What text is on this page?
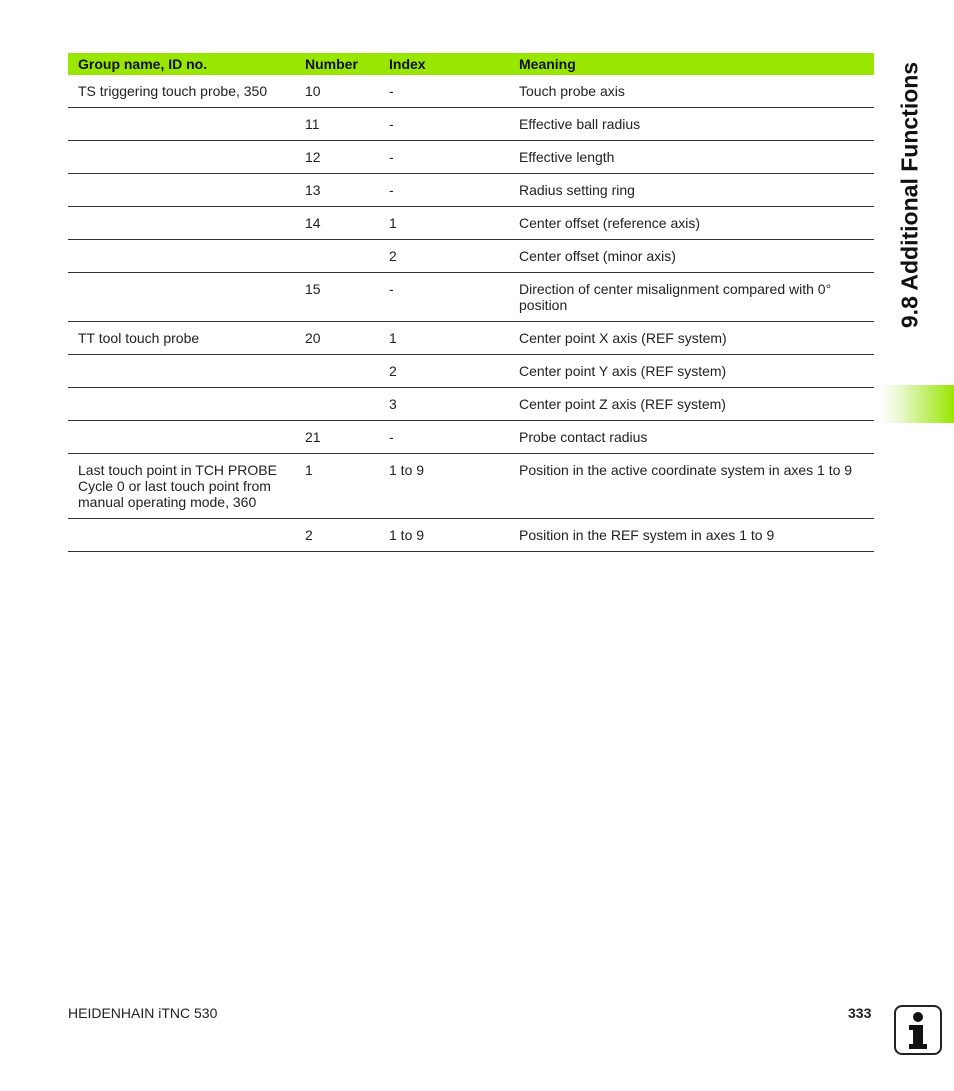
Group name, ID no.	Number	Index	Meaning
TS triggering touch probe, 350	10	-	Touch probe axis
	11	-	Effective ball radius
	12	-	Effective length
	13	-	Radius setting ring
	14	1	Center offset (reference axis)
		2	Center offset (minor axis)
	15	-	Direction of center misalignment compared with 0° position
TT tool touch probe	20	1	Center point X axis (REF system)
		2	Center point Y axis (REF system)
		3	Center point Z axis (REF system)
	21	-	Probe contact radius
Last touch point in TCH PROBE Cycle 0 or last touch point from manual operating mode, 360	1	1 to 9	Position in the active coordinate system in axes 1 to 9
	2	1 to 9	Position in the REF system in axes 1 to 9
9.8 Additional Functions
HEIDENHAIN iTNC 530	333
